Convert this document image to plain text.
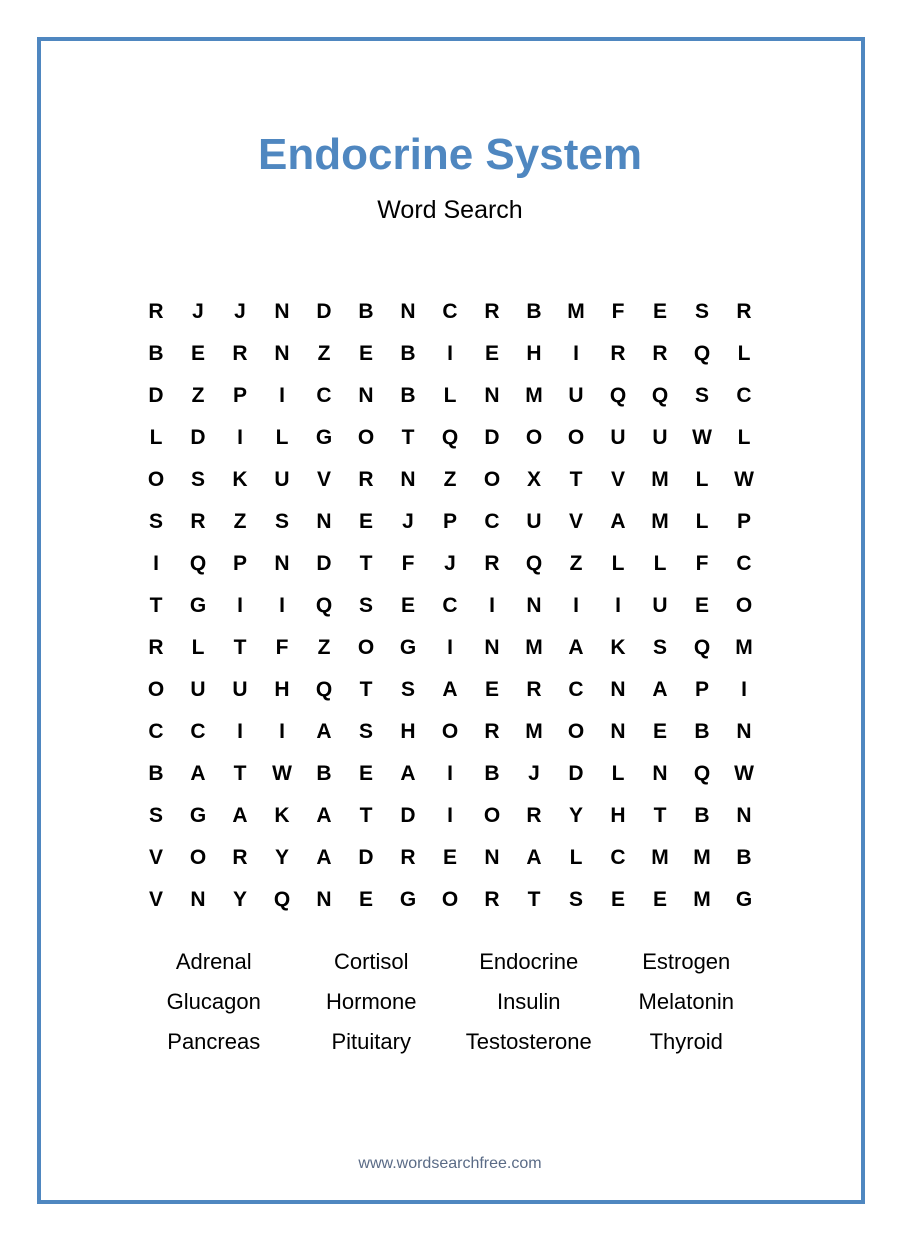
Endocrine System
Word Search
R	J	J	N	D	B	N	C	R	B	M	F	E	S	R
B	E	R	N	Z	E	B	I	E	H	I	R	R	Q	L
D	Z	P	I	C	N	B	L	N	M	U	Q	Q	S	C
L	D	I	L	G	O	T	Q	D	O	O	U	U	W	L
O	S	K	U	V	R	N	Z	O	X	T	V	M	L	W
S	R	Z	S	N	E	J	P	C	U	V	A	M	L	P
I	Q	P	N	D	T	F	J	R	Q	Z	L	L	F	C
T	G	I	I	Q	S	E	C	I	N	I	I	U	E	O
R	L	T	F	Z	O	G	I	N	M	A	K	S	Q	M
O	U	U	H	Q	T	S	A	E	R	C	N	A	P	I
C	C	I	I	A	S	H	O	R	M	O	N	E	B	N
B	A	T	W	B	E	A	I	B	J	D	L	N	Q	W
S	G	A	K	A	T	D	I	O	R	Y	H	T	B	N
V	O	R	Y	A	D	R	E	N	A	L	C	M	M	B
V	N	Y	Q	N	E	G	O	R	T	S	E	E	M	G
Adrenal	Cortisol	Endocrine	Estrogen
Glucagon	Hormone	Insulin	Melatonin
Pancreas	Pituitary	Testosterone	Thyroid
www.wordsearchfree.com
